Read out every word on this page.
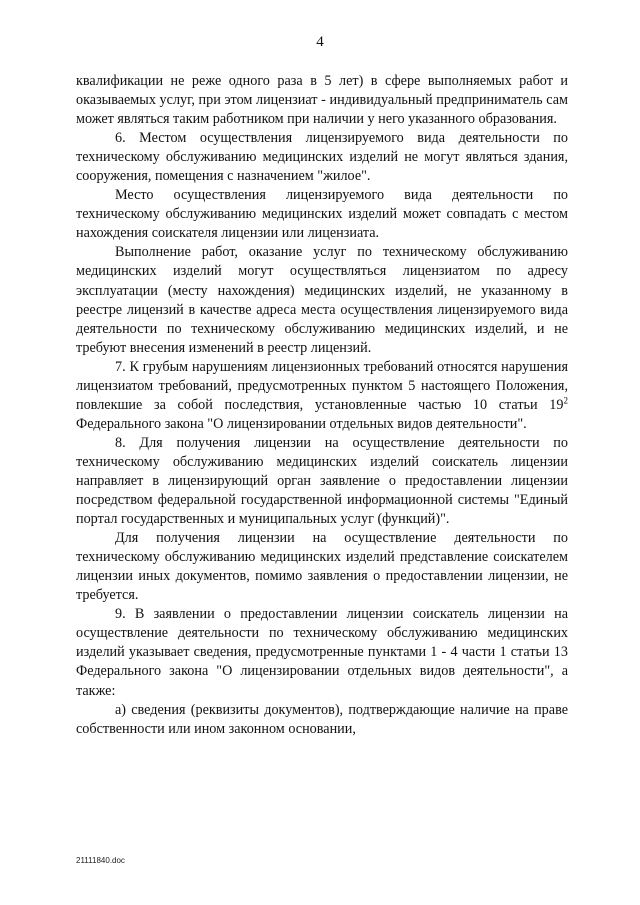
4

квалификации не реже одного раза в 5 лет) в сфере выполняемых работ и оказываемых услуг, при этом лицензиат - индивидуальный предприниматель сам может являться таким работником при наличии у него указанного образования.

6. Местом осуществления лицензируемого вида деятельности по техническому обслуживанию медицинских изделий не могут являться здания, сооружения, помещения с назначением "жилое".

Место осуществления лицензируемого вида деятельности по техническому обслуживанию медицинских изделий может совпадать с местом нахождения соискателя лицензии или лицензиата.

Выполнение работ, оказание услуг по техническому обслуживанию медицинских изделий могут осуществляться лицензиатом по адресу эксплуатации (месту нахождения) медицинских изделий, не указанному в реестре лицензий в качестве адреса места осуществления лицензируемого вида деятельности по техническому обслуживанию медицинских изделий, и не требуют внесения изменений в реестр лицензий.

7. К грубым нарушениям лицензионных требований относятся нарушения лицензиатом требований, предусмотренных пунктом 5 настоящего Положения, повлекшие за собой последствия, установленные частью 10 статьи $19^2$ Федерального закона "О лицензировании отдельных видов деятельности".

8. Для получения лицензии на осуществление деятельности по техническому обслуживанию медицинских изделий соискатель лицензии направляет в лицензирующий орган заявление о предоставлении лицензии посредством федеральной государственной информационной системы "Единый портал государственных и муниципальных услуг (функций)".

Для получения лицензии на осуществление деятельности по техническому обслуживанию медицинских изделий представление соискателем лицензии иных документов, помимо заявления о предоставлении лицензии, не требуется.

9. В заявлении о предоставлении лицензии соискатель лицензии на осуществление деятельности по техническому обслуживанию медицинских изделий указывает сведения, предусмотренные пунктами 1 - 4 части 1 статьи 13 Федерального закона "О лицензировании отдельных видов деятельности", а также:

а) сведения (реквизиты документов), подтверждающие наличие на праве собственности или ином законном основании,

21111840.doc
